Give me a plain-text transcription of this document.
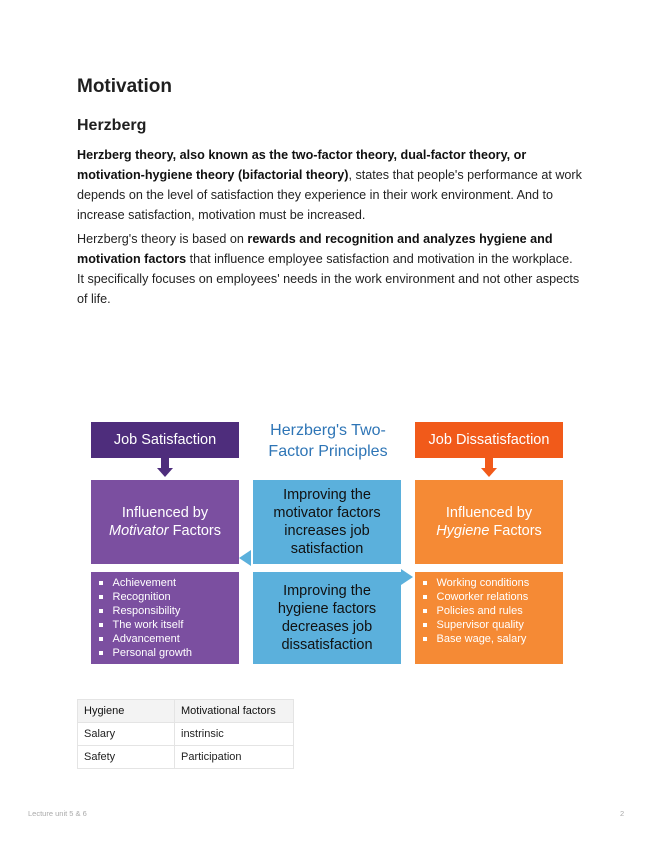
Motivation
Herzberg

Herzberg theory, also known as the two-factor theory, dual-factor theory, or motivation-hygiene theory (bifactorial theory), states that people's performance at work depends on the level of satisfaction they experience in their work environment. And to increase satisfaction, motivation must be increased.

Herzberg's theory is based on rewards and recognition and analyzes hygiene and motivation factors that influence employee satisfaction and motivation in the workplace. It specifically focuses on employees' needs in the work environment and not other aspects of life.

Job Satisfaction	Job Dissatisfaction
Herzberg's Two-
Factor Principles
Influenced by
Motivator Factors
Influenced by
Hygiene Factors
Improving the
motivator factors
increases job
satisfaction
Improving the
hygiene factors
decreases job
dissatisfaction
Achievement
Recognition
Responsibility
The work itself
Advancement
Personal growth
Working conditions
Coworker relations
Policies and rules
Supervisor quality
Base wage, salary
Hygiene	Motivational factors
Salary	instrinsic
Safety	Participation
Lecture unit 5 & 6	2
